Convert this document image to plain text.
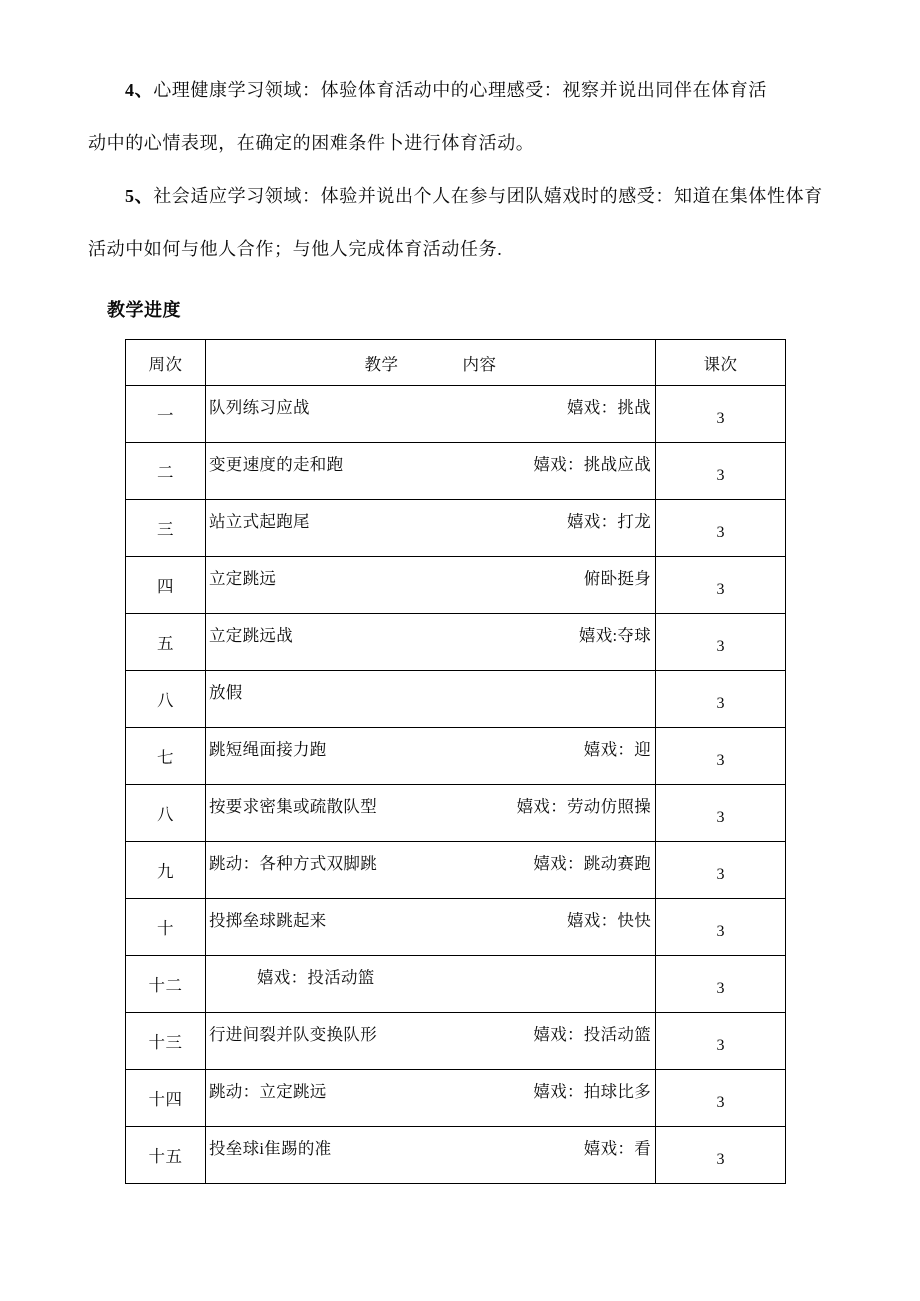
4、心理健康学习领域：体验体育活动中的心理感受：视察并说出同伴在体育活
动中的心情表现，在确定的困难条件卜进行体育活动。
5、社会适应学习领域：体验并说出个人在参与团队嬉戏时的感受：知道在集体性体育
活动中如何与他人合作；与他人完成体育活动任务.
教学进度
周次	教学 内容	课次
一	队列练习应战 嬉戏：挑战	3
二	变更速度的走和跑 嬉戏：挑战应战	3
三	站立式起跑尾 嬉戏：打龙	3
四	立定跳远 俯卧挺身	3
五	立定跳远战 嬉戏:夺球	3
八	放假	3
七	跳短绳面接力跑 嬉戏：迎	3
八	按要求密集或疏散队型 嬉戏：劳动仿照操	3
九	跳动：各种方式双脚跳 嬉戏：跳动赛跑	3
十	投掷垒球跳起来 嬉戏：快快	3
十二	嬉戏：投活动篮	3
十三	行进间裂并队变换队形 嬉戏：投活动篮	3
十四	跳动：立定跳远 嬉戏：拍球比多	3
十五	投垒球i隹踢的准 嬉戏：看	3
